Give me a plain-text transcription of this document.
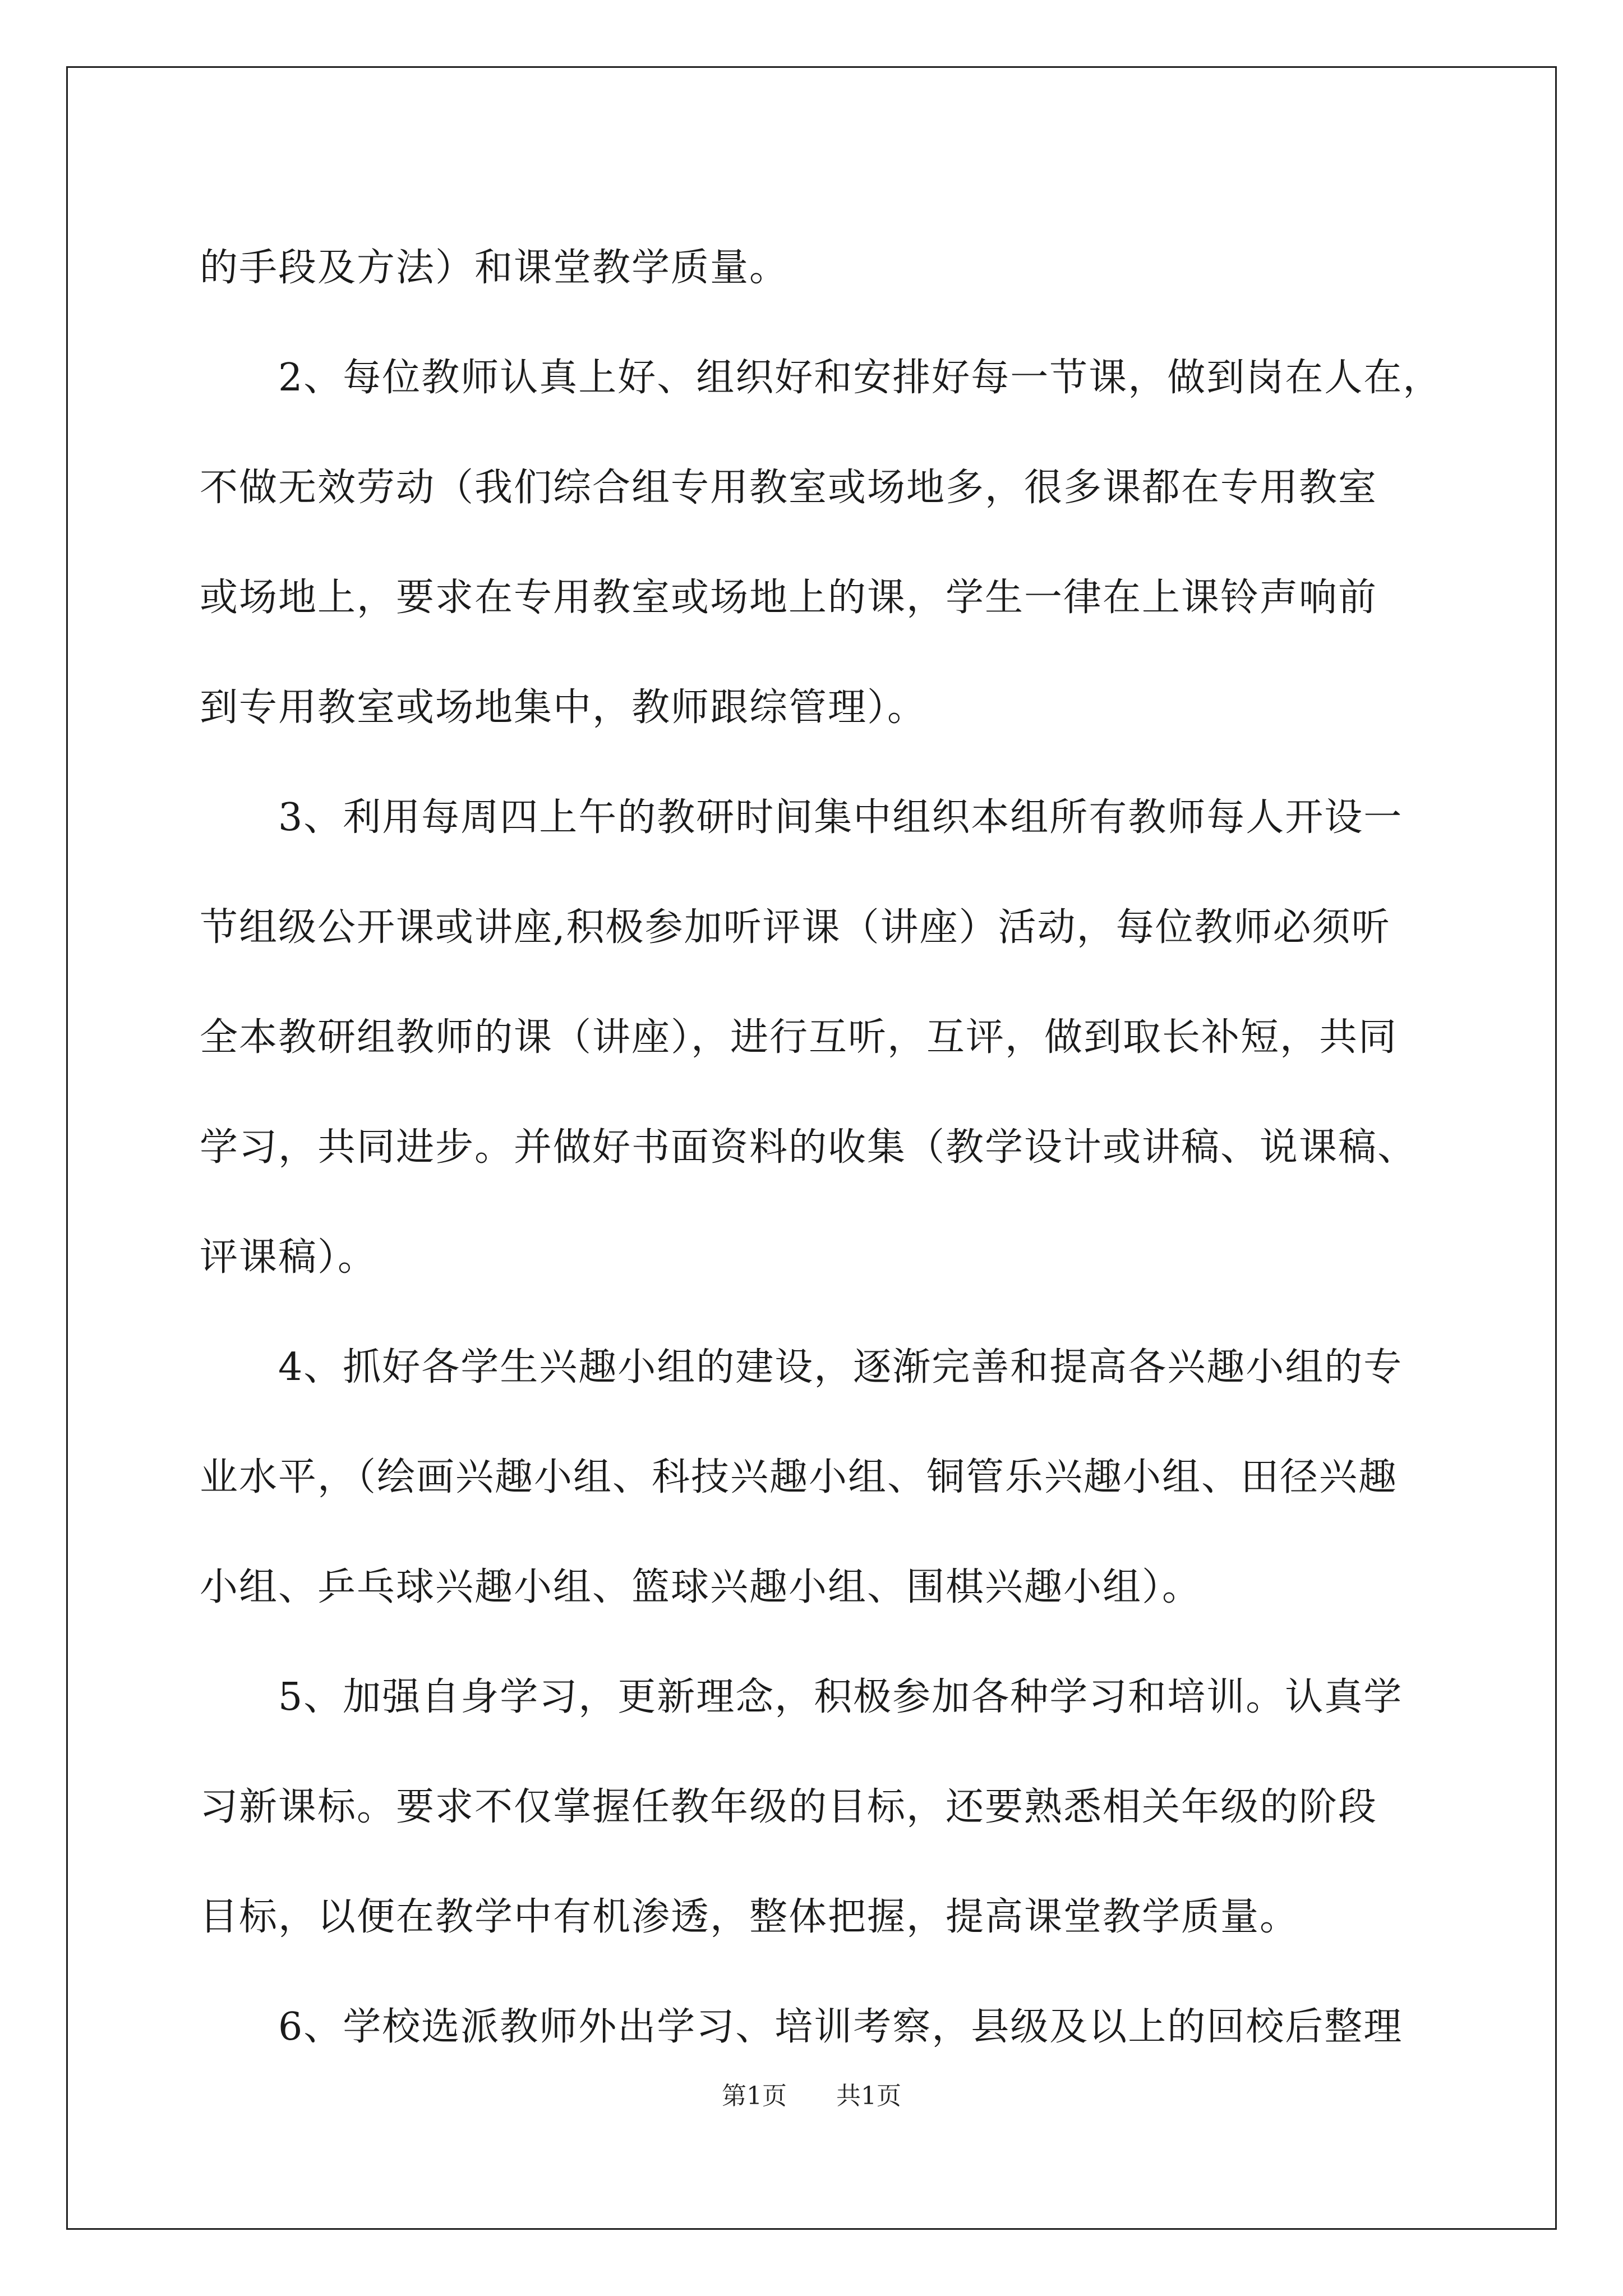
的手段及方法）和课堂教学质量。
　　2、每位教师认真上好、组织好和安排好每一节课，做到岗在人在，
不做无效劳动（我们综合组专用教室或场地多，很多课都在专用教室
或场地上，要求在专用教室或场地上的课，学生一律在上课铃声响前
到专用教室或场地集中，教师跟综管理）。
　　3、利用每周四上午的教研时间集中组织本组所有教师每人开设一
节组级公开课或讲座,积极参加听评课（讲座）活动，每位教师必须听
全本教研组教师的课（讲座），进行互听，互评，做到取长补短，共同
学习，共同进步。并做好书面资料的收集（教学设计或讲稿、说课稿、
评课稿）。
　　4、抓好各学生兴趣小组的建设，逐渐完善和提高各兴趣小组的专
业水平，（绘画兴趣小组、科技兴趣小组、铜管乐兴趣小组、田径兴趣
小组、乒乓球兴趣小组、篮球兴趣小组、围棋兴趣小组）。
　　5、加强自身学习，更新理念，积极参加各种学习和培训。认真学
习新课标。要求不仅掌握任教年级的目标，还要熟悉相关年级的阶段
目标，以便在教学中有机渗透，整体把握，提高课堂教学质量。
　　6、学校选派教师外出学习、培训考察，县级及以上的回校后整理
第1页 共1页
